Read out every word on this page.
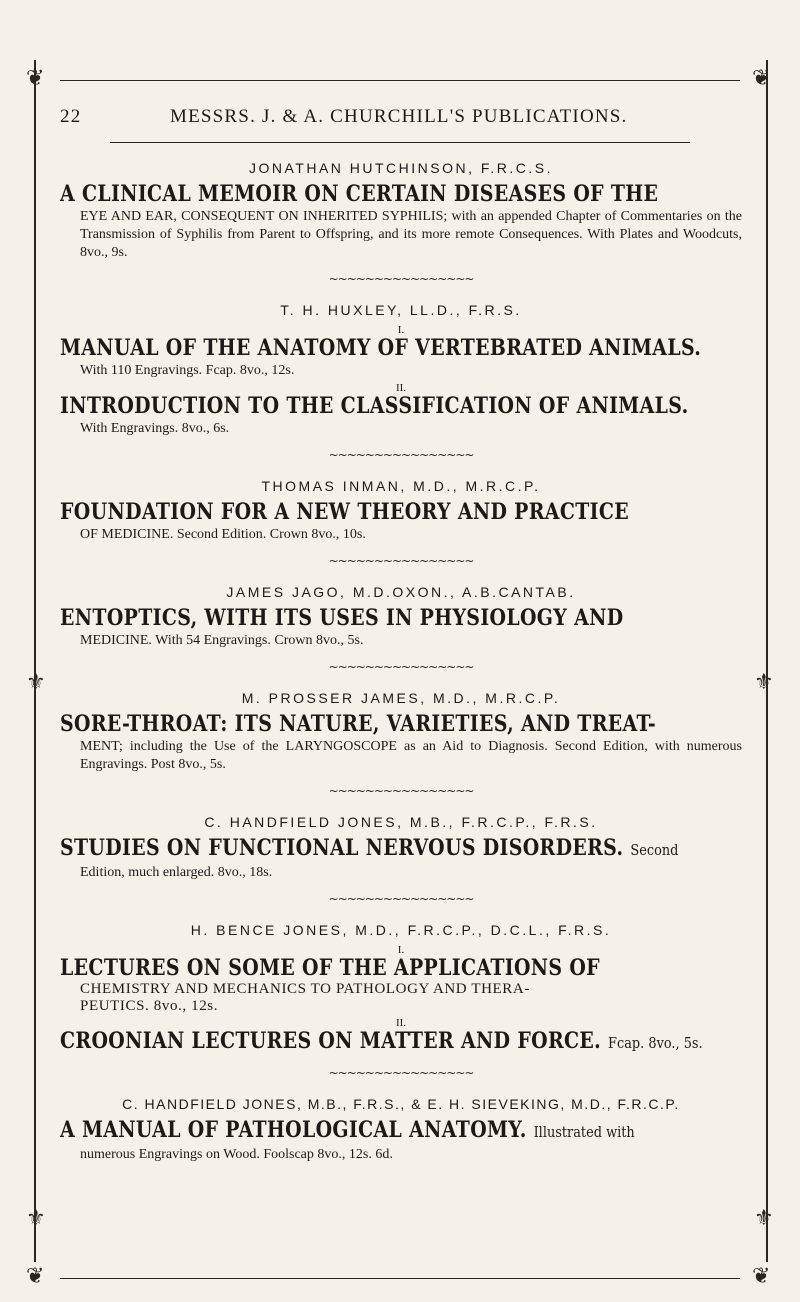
❦	❦
❦	❦
⚜	⚜
⚜	⚜
22	MESSRS. J. & A. CHURCHILL'S PUBLICATIONS.

JONATHAN HUTCHINSON, F.R.C.S.

A CLINICAL MEMOIR ON CERTAIN DISEASES OF THE

EYE AND EAR, CONSEQUENT ON INHERITED SYPHILIS; with an appended Chapter of Commentaries on the Transmission of Syphilis from Parent to Offspring, and its more remote Consequences. With Plates and Woodcuts, 8vo., 9s.

~~~~~~~~~~~~~~~~

T. H. HUXLEY, LL.D., F.R.S.

I.

MANUAL OF THE ANATOMY OF VERTEBRATED ANIMALS.

With 110 Engravings. Fcap. 8vo., 12s.

II.

INTRODUCTION TO THE CLASSIFICATION OF ANIMALS.

With Engravings. 8vo., 6s.

~~~~~~~~~~~~~~~~

THOMAS INMAN, M.D., M.R.C.P.

FOUNDATION FOR A NEW THEORY AND PRACTICE

OF MEDICINE. Second Edition. Crown 8vo., 10s.

~~~~~~~~~~~~~~~~

JAMES JAGO, M.D.OXON., A.B.CANTAB.

ENTOPTICS, WITH ITS USES IN PHYSIOLOGY AND

MEDICINE. With 54 Engravings. Crown 8vo., 5s.

~~~~~~~~~~~~~~~~

M. PROSSER JAMES, M.D., M.R.C.P.

SORE-THROAT: ITS NATURE, VARIETIES, AND TREAT-

MENT; including the Use of the LARYNGOSCOPE as an Aid to Diagnosis. Second Edition, with numerous Engravings. Post 8vo., 5s.

~~~~~~~~~~~~~~~~

C. HANDFIELD JONES, M.B., F.R.C.P., F.R.S.

STUDIES ON FUNCTIONAL NERVOUS DISORDERS. Second

Edition, much enlarged. 8vo., 18s.

~~~~~~~~~~~~~~~~

H. BENCE JONES, M.D., F.R.C.P., D.C.L., F.R.S.

I.

LECTURES ON SOME OF THE APPLICATIONS OF

CHEMISTRY AND MECHANICS TO PATHOLOGY AND THERA-

PEUTICS. 8vo., 12s.

II.

CROONIAN LECTURES ON MATTER AND FORCE. Fcap. 8vo., 5s.
~~~~~~~~~~~~~~~~

C. HANDFIELD JONES, M.B., F.R.S., & E. H. SIEVEKING, M.D., F.R.C.P.

A MANUAL OF PATHOLOGICAL ANATOMY. Illustrated with

numerous Engravings on Wood. Foolscap 8vo., 12s. 6d.
